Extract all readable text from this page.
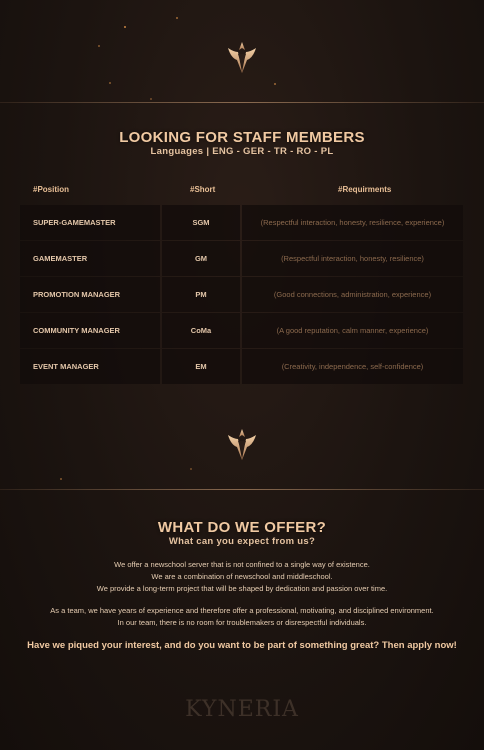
LOOKING FOR STAFF MEMBERS
Languages | ENG - GER - TR - RO - PL
#Position	#Short	#Requirments
SUPER-GAMEMASTER	SGM	(Respectful interaction, honesty, resilience, experience)
GAMEMASTER	GM	(Respectful interaction, honesty, resilience)
PROMOTION MANAGER	PM	(Good connections, administration, experience)
COMMUNITY MANAGER	CoMa	(A good reputation, calm manner, experience)
EVENT MANAGER	EM	(Creativity, independence, self-confidence)
WHAT DO WE OFFER?
What can you expect from us?
We offer a newschool server that is not confined to a single way of existence.
We are a combination of newschool and middleschool.
We provide a long-term project that will be shaped by dedication and passion over time.
As a team, we have years of experience and therefore offer a professional, motivating, and disciplined environment.
In our team, there is no room for troublemakers or disrespectful individuals.
Have we piqued your interest, and do you want to be part of something great? Then apply now!
KYNERIA
